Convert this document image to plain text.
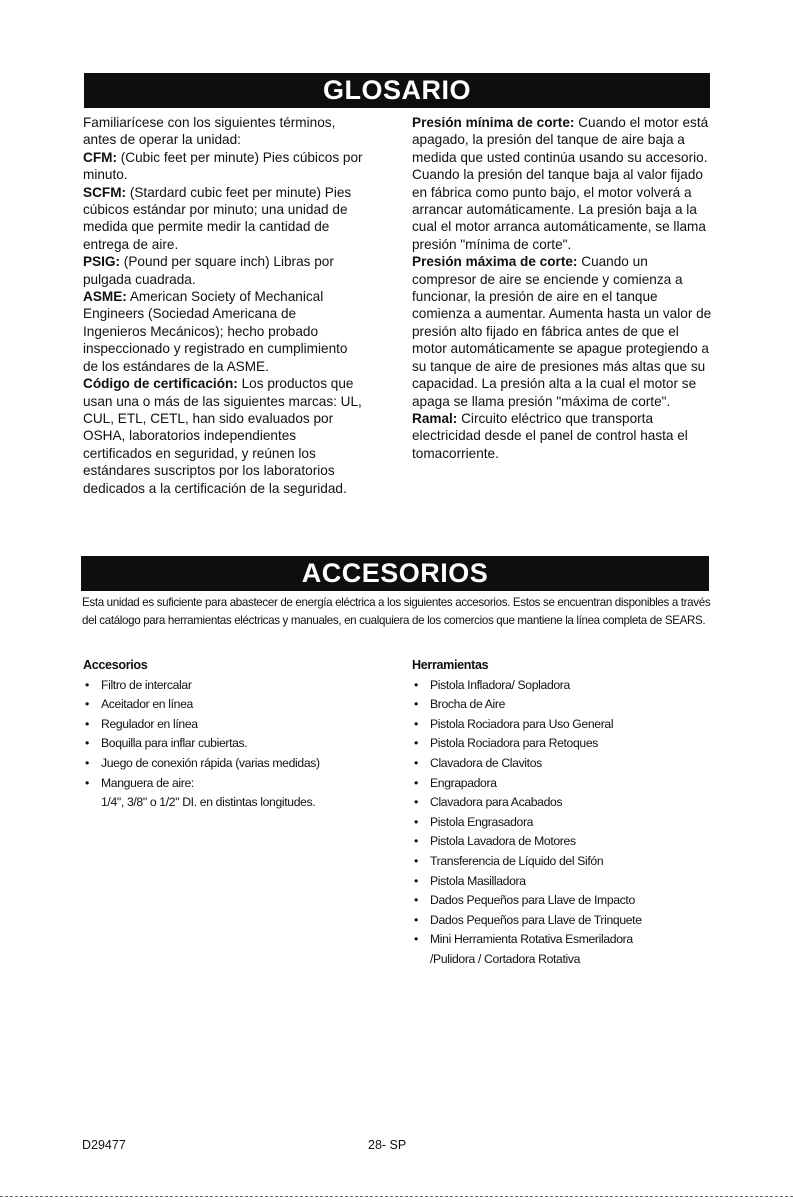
GLOSARIO

Familiarícese con los siguientes términos, antes de operar la unidad:

CFM: (Cubic feet per minute) Pies cúbicos por minuto.

SCFM: (Stardard cubic feet per minute) Pies cúbicos estándar por minuto; una unidad de medida que permite medir la cantidad de entrega de aire.

PSIG: (Pound per square inch) Libras por pulgada cuadrada.

ASME: American Society of Mechanical Engineers (Sociedad Americana de Ingenieros Mecánicos); hecho probado inspeccionado y registrado en cumplimiento de los estándares de la ASME.

Código de certificación: Los productos que usan una o más de las siguientes marcas: UL, CUL, ETL, CETL, han sido evaluados por OSHA, laboratorios independientes certificados en seguridad, y reúnen los estándares suscriptos por los laboratorios dedicados a la certificación de la seguridad.

Presión mínima de corte: Cuando el motor está apagado, la presión del tanque de aire baja a medida que usted continúa usando su accesorio. Cuando la presión del tanque baja al valor fijado en fábrica como punto bajo, el motor volverá a arrancar automáticamente. La presión baja a la cual el motor arranca automáticamente, se llama presión "mínima de corte".

Presión máxima de corte: Cuando un compresor de aire se enciende y comienza a funcionar, la presión de aire en el tanque comienza a aumentar. Aumenta hasta un valor de presión alto fijado en fábrica antes de que el motor automáticamente se apague protegiendo a su tanque de aire de presiones más altas que su capacidad. La presión alta a la cual el motor se apaga se llama presión "máxima de corte".

Ramal: Circuito eléctrico que transporta electricidad desde el panel de control hasta el tomacorriente.

ACCESORIOS

Esta unidad es suficiente para abastecer de energía eléctrica a los siguientes accesorios. Estos se encuentran disponibles a través del catálogo para herramientas eléctricas y manuales, en cualquiera de los comercios que mantiene la línea completa de SEARS.

Accesorios
• Filtro de intercalar
• Aceitador en línea
• Regulador en línea
• Boquilla para inflar cubiertas.
• Juego de conexión rápida (varias medidas)
• Manguera de aire:
1/4", 3/8" o 1/2" DI. en distintas longitudes.
Herramientas
• Pistola Infladora/ Sopladora
• Brocha de Aire
• Pistola Rociadora para Uso General
• Pistola Rociadora para Retoques
• Clavadora de Clavitos
• Engrapadora
• Clavadora para Acabados
• Pistola Engrasadora
• Pistola Lavadora de Motores
• Transferencia de Líquido del Sifón
• Pistola Masilladora
• Dados Pequeños para Llave de Impacto
• Dados Pequeños para Llave de Trinquete
• Mini Herramienta Rotativa Esmeriladora
/Pulidora / Cortadora Rotativa
D29477	28- SP
